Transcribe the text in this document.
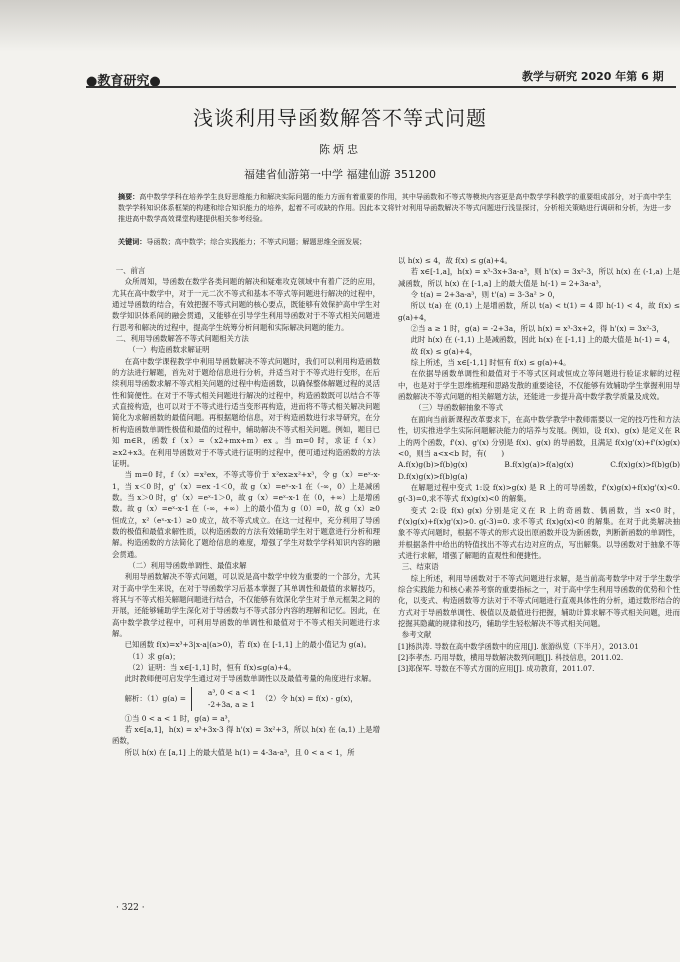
●教育研究●	教学与研究 2020 年第 6 期
浅谈利用导函数解答不等式问题
陈炳忠
福建省仙游第一中学 福建仙游 351200
摘要：高中数学学科在培养学生良好思维能力和解决实际问题的能力方面有着重要的作用，其中导函数和不等式等模块内容更是高中数学学科教学的重要组成部分，对于高中学生数学学科知识体系框架的构建和综合知识能力的培养，起着不可或缺的作用。因此本文将针对利用导函数解决不等式问题进行浅显探讨，分析相关策略进行调研和分析，为进一步推进高中数学高效课堂构建提供相关参考经验。
关键词：导函数；高中数学；综合实践能力；不等式问题；解题思维全面发展；

一、前言

众所周知，导函数在数学各类问题的解决和疑难攻克领域中有着广泛的应用，尤其在高中数学中，对于一元二次不等式和基本不等式等问题进行解决的过程中，通过导函数的结合，有效把握不等式问题的核心要点，既能够有效保护高中学生对数学知识体系间的融会贯通，又能够在引导学生利用导函数对于不等式相关问题进行思考和解决的过程中，提高学生统筹分析问题和实际解决问题的能力。

二、利用导函数解答不等式问题相关方法

（一）构造函数求解证明

在高中数学课程教学中利用导函数解决不等式问题时，我们可以利用构造函数的方法进行解题，首先对于题给信息进行分析，并适当对于不等式进行变形，在后续利用导函数求解不等式相关问题的过程中构造函数，以确保整体解题过程的灵活性和简便性。在对于不等式相关问题进行解决的过程中，构造函数既可以结合不等式直接构造，也可以对于不等式进行适当变形再构造，进而将不等式相关解决问题简化为求解函数的最值问题。再根据题给信息，对于构造函数进行求导研究，在分析构造函数单调性极值和最值的过程中，辅助解决不等式相关问题。例如，题目已知 m∈R，函数 f（x）=（x2+mx+m）ex 。当 m=0 时，求证 f（x）≥x2+x3。在利用导函数对于不等式进行证明的过程中，便可通过构造函数的方法证明。

当 m=0 时，f（x）=x²ex，不等式等价于 x²ex≥x²+x³，令 g（x）=eˣ-x-1，当 x＜0 时，g'（x）=ex -1＜0，故 g（x）=eˣ-x-1 在（-∞，0）上是减函数。当 x＞0 时，g'（x）=eˣ-1＞0，故 g（x）=eˣ-x-1 在（0，+∞）上是增函数。故 g（x）=eˣ-x-1 在（-∞，+∞）上的最小值为 g（0）=0，故 g（x）≥0 恒成立，x²（eˣ-x-1）≥0 成立，故不等式成立。在这一过程中，充分利用了导函数的极值和最值求解性质，以构造函数的方法有效辅助学生对于题意进行分析和理解。构造函数的方法简化了题给信息的难度，增强了学生对数学学科知识内容的融会贯通。

（二）利用导函数单调性、最值求解

利用导函数解决不等式问题，可以说是高中数学中较为重要的一个部分，尤其对于高中学生来说，在对于导函数学习后基本掌握了其单调性和最值的求解技巧，将其与不等式相关解题问题进行结合，不仅能够有效深化学生对于单元框架之间的开展，还能够辅助学生深化对于导函数与不等式部分内容的理解和记忆。因此，在高中数学教学过程中，可利用导函数的单调性和最值对于不等式相关问题进行求解。

已知函数 f(x)=x³+3|x-a|(a>0)，若 f(x) 在 [-1,1] 上的最小值记为 g(a)。

（1）求 g(a)；

（2）证明：当 x∈[-1,1] 时，恒有 f(x)≤g(a)+4。

此时教师便可启发学生通过对于导函数单调性以及最值考量的角度进行求解。

解析：（1）g(a) =
a³, 0 < a < 1
-2+3a, a ≥ 1
（2）令 h(x) = f(x) - g(x)，

①当 0 < a < 1 时，g(a) = a³，

若 x∈[a,1]，h(x) = x³+3x-3 得 h'(x) = 3x²+3，所以 h(x) 在 (a,1) 上是增函数，

所以 h(x) 在 [a,1] 上的最大值是 h(1) = 4-3a-a³，且 0 < a < 1，所

以 h(x) ≤ 4，故 f(x) ≤ g(a)+4。

若 x∈[-1,a]，h(x) = x³-3x+3a-a³，则 h'(x) = 3x²-3，所以 h(x) 在 (-1,a) 上是减函数，所以 h(x) 在 [-1,a] 上的最大值是 h(-1) = 2+3a-a³，

令 t(a) = 2+3a-a³，则 t'(a) = 3-3a² > 0，

所以 t(a) 在 (0,1) 上是增函数，所以 t(a) < t(1) = 4 即 h(-1) < 4，故 f(x) ≤ g(a)+4，

②当 a ≥ 1 时，g(a) = -2+3a，所以 h(x) = x³-3x+2，得 h'(x) = 3x²-3，

此时 h(x) 在 (-1,1) 上是减函数，因此 h(x) 在 [-1,1] 上的最大值是 h(-1) = 4，

故 f(x) ≤ g(a)+4，

综上所述，当 x∈[-1,1] 时恒有 f(x) ≤ g(a)+4。

在依据导函数单调性和最值对于不等式区间或恒成立等问题进行验证求解的过程中，也是对于学生思维梳理和思路发散的重要途径，不仅能够有效辅助学生掌握利用导函数解决不等式问题的相关解题方法，还能进一步提升高中数学教学质量及成效。

（三）导函数解抽象不等式

在面向当前新课程改革要求下，在高中数学教学中教师需要以一定的技巧性和方法性，切实推进学生实际问题解决能力的培养与发展。例如，设 f(x)、g(x) 是定义在 R 上的两个函数，f'(x)、g'(x) 分别是 f(x)、g(x) 的导函数，且满足 f(x)g'(x)+f'(x)g(x)<0，则当 a<x<b 时，有(　　)

A.f(x)g(b)>f(b)g(x)　B.f(x)g(a)>f(a)g(x)　C.f(x)g(x)>f(b)g(b)　D.f(x)g(x)>f(b)g(a)

在解题过程中变式 1:设 f(x)>g(x) 是 R 上的可导函数，f'(x)g(x)+f(x)g'(x)<0. g(-3)=0,求不等式 f(x)g(x)<0 的解集。

变式 2:设 f(x) g(x) 分别是定义在 R 上的奇函数、偶函数，当 x<0 时，f'(x)g(x)+f(x)g'(x)>0. g(-3)=0. 求不等式 f(x)g(x)<0 的解集。在对于此类解决抽象不等式问题时，根据不等式的形式设出原函数并设为新函数，判断新函数的单调性，并根据条件中给出的特值找出不等式右边对应的点，写出解集。以导函数对于抽象不等式进行求解，增强了解题的直观性和便捷性。

三、结束语

综上所述，利用导函数对于不等式问题进行求解，是当前高考数学中对于学生数学综合实践能力和核心素养考察的重要指标之一，对于高中学生利用导函数的优势和个性化，以变式、构造函数等方法对于不等式问题进行直观具体性的分析，通过数形结合的方式对于导函数单调性、极值以及最值进行把握，辅助计算求解不等式相关问题，进而挖掘其隐藏的规律和技巧，辅助学生轻松解决不等式相关问题。

参考文献

[1]杨洪涛. 导数在高中数学函数中的应用[J]. 旅游纵览（下半月），2013.01

[2]李孝杰. 巧用导数，横用导数解决数列问题[J]. 科技信息，2011.02.

[3]郑保军. 导数在不等式方面的应用[J]. 成功教育，2011.07.

· 322 ·
